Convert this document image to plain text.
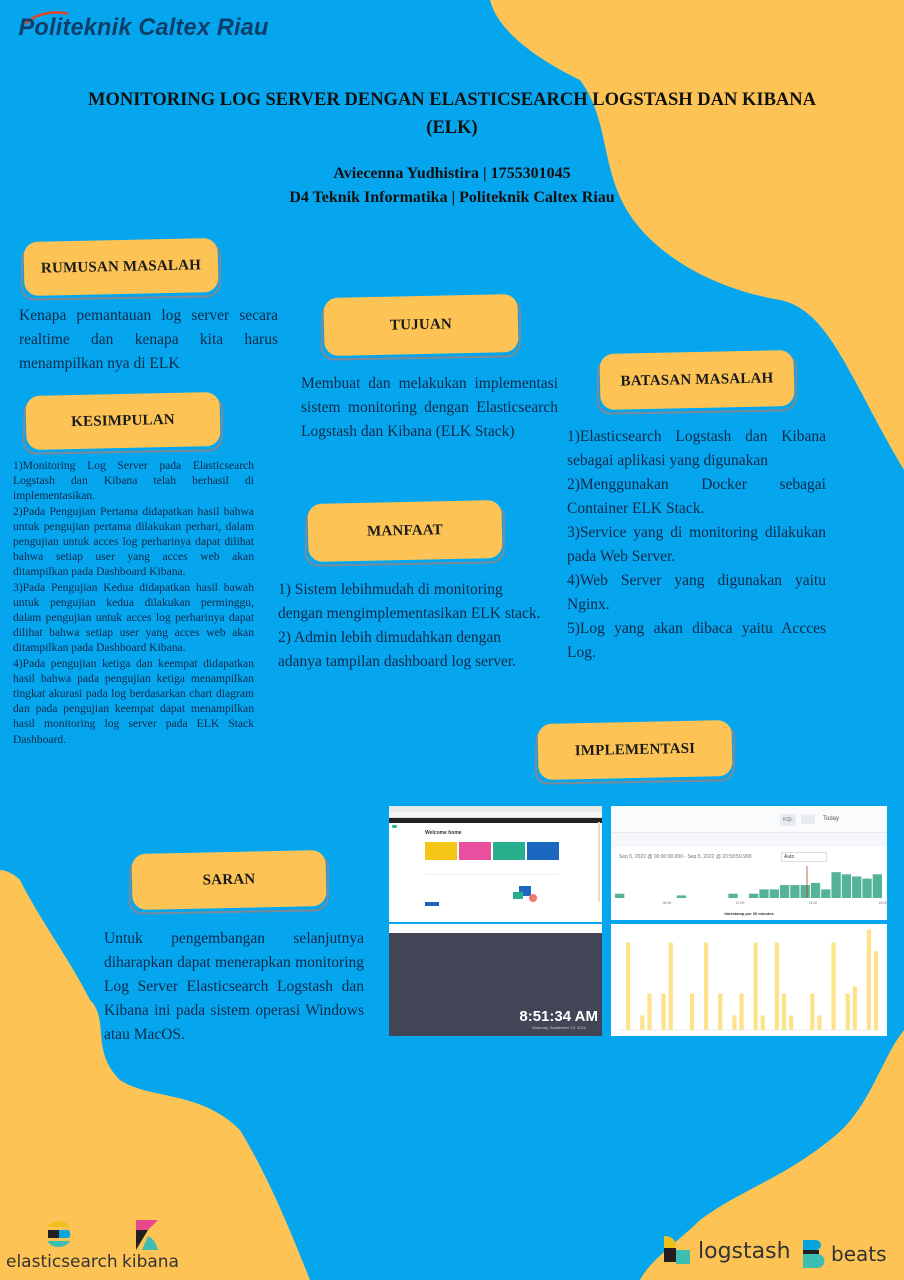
Politeknik Caltex Riau
MONITORING LOG SERVER DENGAN ELASTICSEARCH LOGSTASH DAN KIBANA
(ELK)
Aviecenna Yudhistira | 1755301045
D4 Teknik Informatika | Politeknik Caltex Riau
RUMUSAN MASALAH
Kenapa pemantauan log server secara realtime dan kenapa kita harus menampilkan nya di ELK
KESIMPULAN
1)Monitoring Log Server pada Elasticsearch Logstash dan Kibana telah berhasil di implementasikan.
2)Pada Pengujian Pertama didapatkan hasil bahwa untuk pengujian pertama dilakukan perhari, dalam pengujian untuk acces log perharinya dapat dilihat bahwa setiap user yang acces web akan ditampilkan pada Dashboard Kibana.
3)Pada Pengujian Kedua didapatkan hasil bawah untuk pengujian kedua dilakukan perminggu, dalam pengujian untuk acces log perharinya dapat dilihat bahwa setiap user yang acces web akan ditampilkan pada Dashboard Kibana.
4)Pada pengujian ketiga dan keempat didapatkan hasil bahwa pada pengujian ketiga menampilkan tingkat akurasi pada log berdasarkan chart diagram dan pada pengujian keempat dapat menampilkan hasil monitoring log server pada ELK Stack Dashboard.
TUJUAN
Membuat dan melakukan implementasi sistem monitoring dengan Elasticsearch Logstash dan Kibana (ELK Stack)
BATASAN MASALAH
1)Elasticsearch Logstash dan Kibana sebagai aplikasi yang digunakan
2)Menggunakan Docker sebagai Container ELK Stack.
3)Service yang di monitoring dilakukan pada Web Server.
4)Web Server yang digunakan yaitu Nginx.
5)Log yang akan dibaca yaitu Accces Log.
MANFAAT
1) Sistem lebihmudah di monitoring dengan mengimplementasikan ELK stack.
2) Admin lebih dimudahkan dengan adanya tampilan dashboard log server.
IMPLEMENTASI
Welcome home
KQL	Today
Sep 5, 2022 @ 00:00:00.000 - Sep 5, 2022 @ 23:59:59.999	Auto
06:00	12:00	15:00	18:00
timestamp per 30 minutes
8:51:34 AM
Saturday, September 13, 2022
SARAN
Untuk pengembangan selanjutnya diharapkan dapat menerapkan monitoring Log Server Elasticsearch Logstash dan Kibana ini pada sistem operasi Windows atau MacOS.
elasticsearch kibana	logstash beats
